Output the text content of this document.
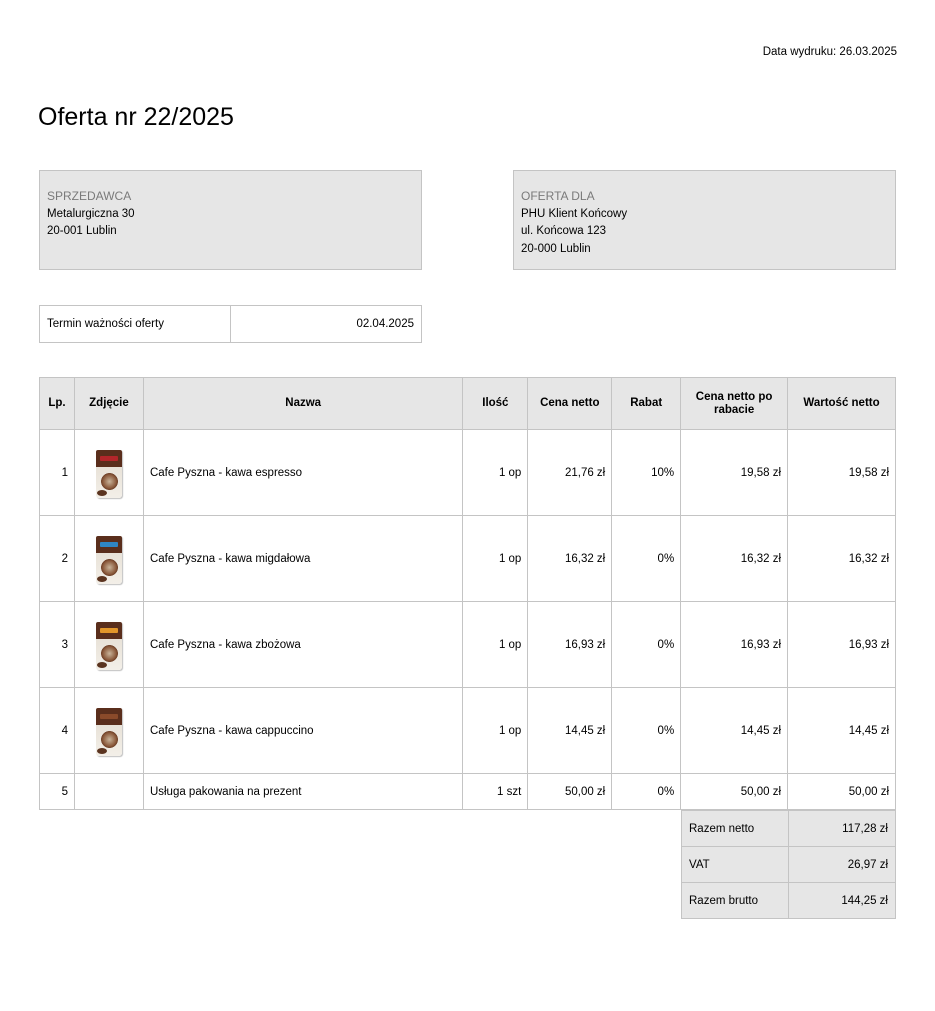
Data wydruku: 26.03.2025
Oferta nr 22/2025
SPRZEDAWCA
Metalurgiczna 30
20-001 Lublin
OFERTA DLA
PHU Klient Końcowy
ul. Końcowa 123
20-000 Lublin
Termin ważności oferty	02.04.2025
Lp.	Zdjęcie	Nazwa	Ilość	Cena netto	Rabat	Cena netto po rabacie	Wartość netto
1		Cafe Pyszna - kawa espresso	1 op	21,76 zł	10%	19,58 zł	19,58 zł
2		Cafe Pyszna - kawa migdałowa	1 op	16,32 zł	0%	16,32 zł	16,32 zł
3		Cafe Pyszna - kawa zbożowa	1 op	16,93 zł	0%	16,93 zł	16,93 zł
4		Cafe Pyszna - kawa cappuccino	1 op	14,45 zł	0%	14,45 zł	14,45 zł
5		Usługa pakowania na prezent	1 szt	50,00 zł	0%	50,00 zł	50,00 zł
Razem netto	117,28 zł
VAT	26,97 zł
Razem brutto	144,25 zł
